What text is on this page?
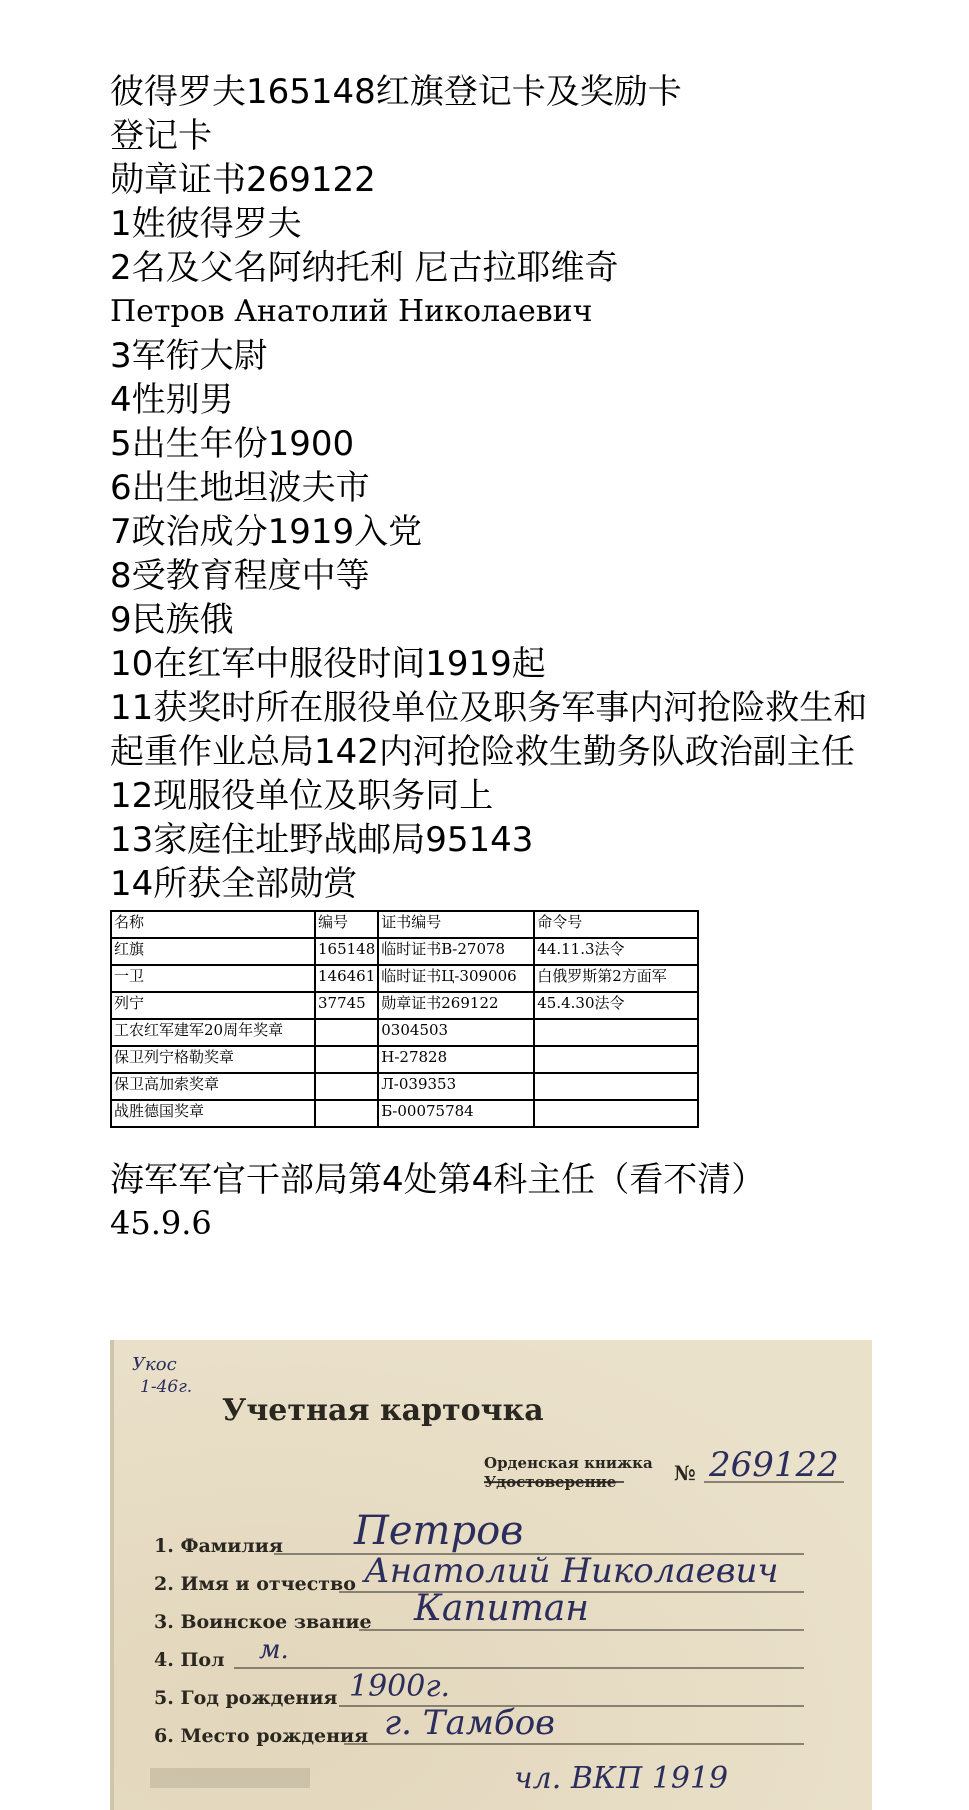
彼得罗夫165148红旗登记卡及奖励卡
登记卡
勋章证书269122
1姓彼得罗夫
2名及父名阿纳托利 尼古拉耶维奇
Петров Анатолий Николаевич
3军衔大尉
4性别男
5出生年份1900
6出生地坦波夫市
7政治成分1919入党
8受教育程度中等
9民族俄
10在红军中服役时间1919起
11获奖时所在服役单位及职务军事内河抢险救生和起重作业总局142内河抢险救生勤务队政治副主任
12现服役单位及职务同上
13家庭住址野战邮局95143
14所获全部勋赏
名称	编号	证书编号	命令号
红旗	165148	临时证书В-27078	44.11.3法令
一卫	146461	临时证书Ц-309006	白俄罗斯第2方面军
列宁	37745	勋章证书269122	45.4.30法令
工农红军建军20周年奖章		0304503	
保卫列宁格勒奖章		Н-27828	
保卫高加索奖章		Л-039353	
战胜德国奖章		Б-00075784	
海军军官干部局第4处第4科主任（看不清）
45.9.6
Укос
1-46г.
Учетная карточка
Орденская книжка
Удостоверение	№ 269122
1. Фамилия Петров
2. Имя и отчество Анатолий Николаевич
3. Воинское звание Капитан
4. Пол м.
5. Год рождения 1900г.
6. Место рождения г. Тамбов
чл. ВКП 1919
